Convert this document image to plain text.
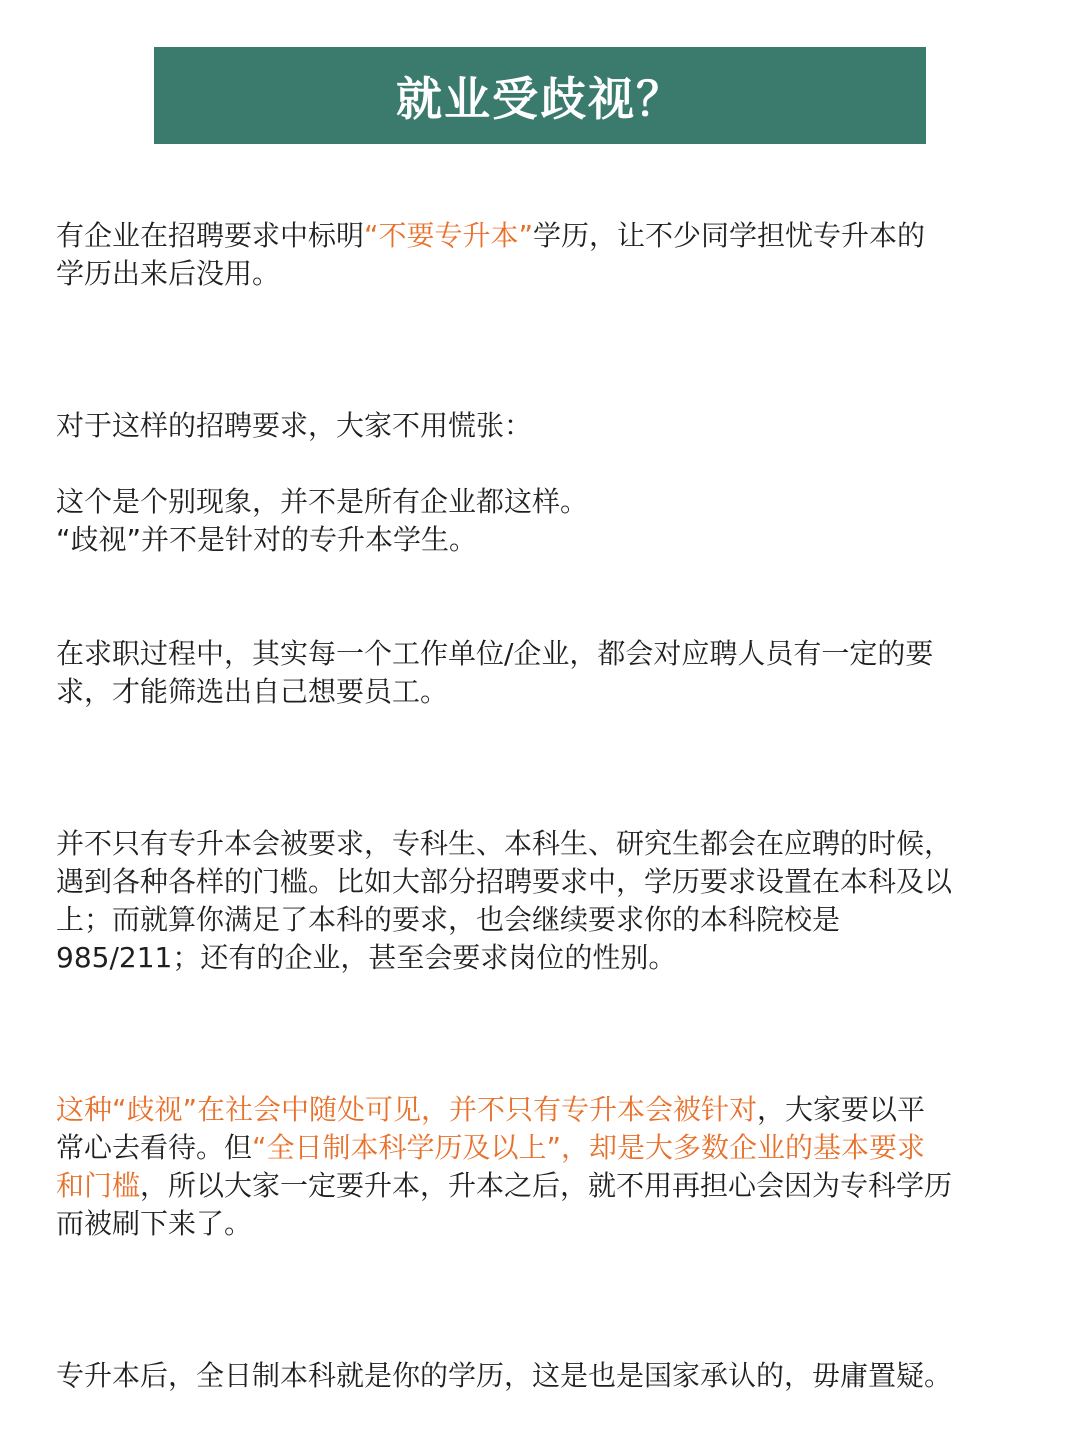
就业受歧视？
有企业在招聘要求中标明“不要专升本”学历，让不少同学担忧专升本的
学历出来后没用。
对于这样的招聘要求，大家不用慌张：
这个是个别现象，并不是所有企业都这样。
“歧视”并不是针对的专升本学生。
在求职过程中，其实每一个工作单位/企业，都会对应聘人员有一定的要
求，才能筛选出自己想要员工。
并不只有专升本会被要求，专科生、本科生、研究生都会在应聘的时候，
遇到各种各样的门槛。比如大部分招聘要求中，学历要求设置在本科及以
上；而就算你满足了本科的要求，也会继续要求你的本科院校是
985/211；还有的企业，甚至会要求岗位的性别。
这种“歧视”在社会中随处可见，并不只有专升本会被针对，大家要以平
常心去看待。但“全日制本科学历及以上”，却是大多数企业的基本要求
和门槛，所以大家一定要升本，升本之后，就不用再担心会因为专科学历
而被刷下来了。
专升本后，全日制本科就是你的学历，这是也是国家承认的，毋庸置疑。
